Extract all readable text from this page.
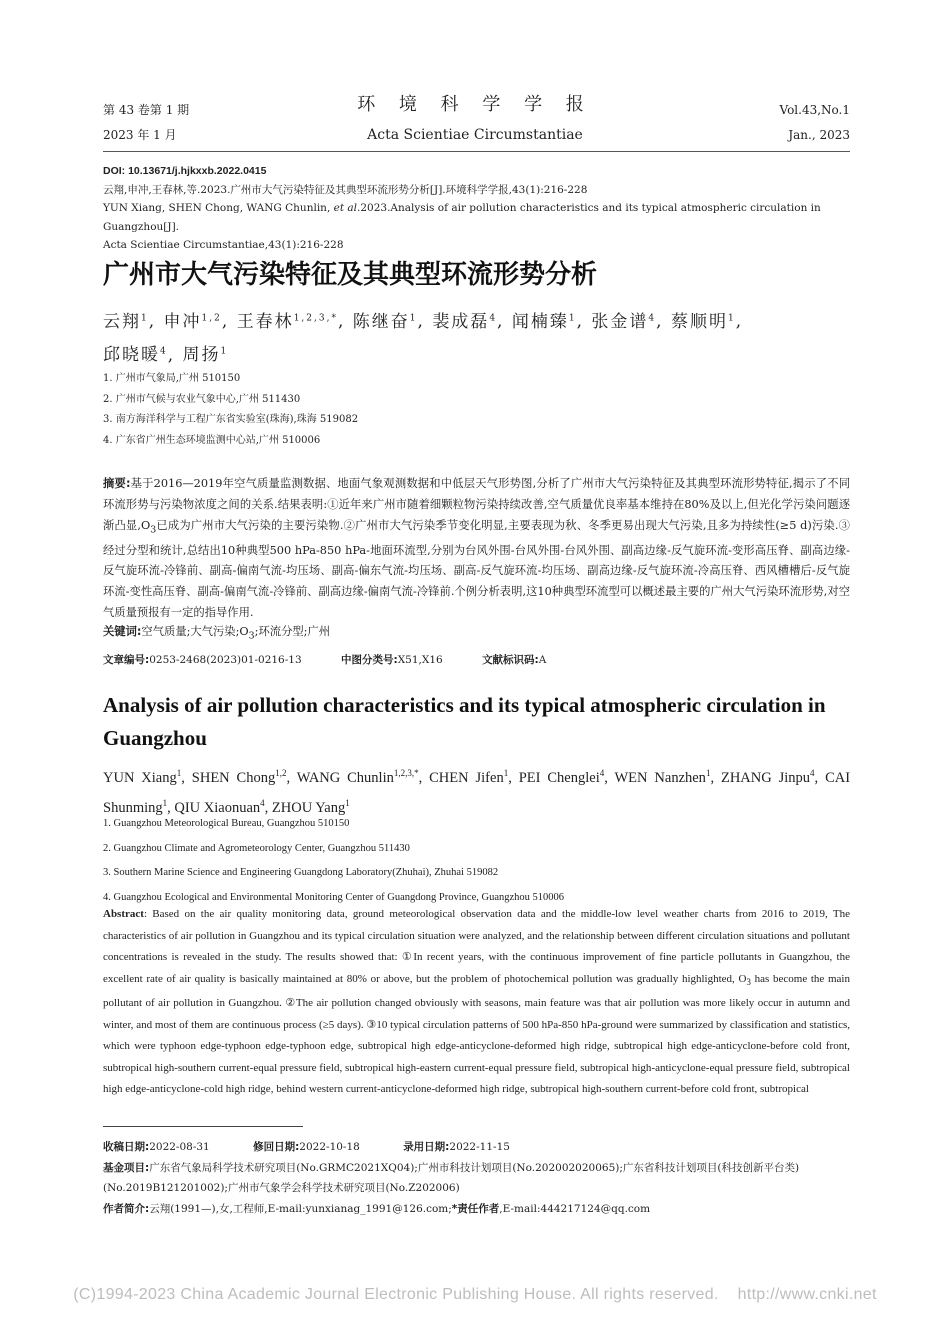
第 43 卷第 1 期
2023 年 1 月
环 境 科 学 学 报
Acta Scientiae Circumstantiae
Vol.43,No.1
Jan., 2023
DOI: 10.13671/j.hjkxxb.2022.0415
云翔,申冲,王春林,等.2023.广州市大气污染特征及其典型环流形势分析[J].环境科学学报,43(1):216-228
YUN Xiang, SHEN Chong, WANG Chunlin, et al.2023.Analysis of air pollution characteristics and its typical atmospheric circulation in Guangzhou[J].
Acta Scientiae Circumstantiae,43(1):216-228
广州市大气污染特征及其典型环流形势分析
云翔$^1$, 申冲$^{1,2}$, 王春林$^{1,2,3,*}$, 陈继奋$^1$, 裴成磊$^4$, 闻楠臻$^1$, 张金谱$^4$, 蔡顺明$^1$,
邱晓暖$^4$, 周扬$^1$
1. 广州市气象局,广州 510150
2. 广州市气候与农业气象中心,广州 511430
3. 南方海洋科学与工程广东省实验室(珠海),珠海 519082
4. 广东省广州生态环境监测中心站,广州 510006
摘要:基于2016—2019年空气质量监测数据、地面气象观测数据和中低层天气形势图,分析了广州市大气污染特征及其典型环流形势特征,揭示了不同环流形势与污染物浓度之间的关系.结果表明:①近年来广州市随着细颗粒物污染持续改善,空气质量优良率基本维持在80%及以上,但光化学污染问题逐渐凸显$,O_3$已成为广州市大气污染的主要污染物.②广州市大气污染季节变化明显,主要表现为秋、冬季更易出现大气污染,且多为持续性(≥5 d)污染.③经过分型和统计,总结出10种典型500 hPa-850 hPa-地面环流型,分别为台风外围-台风外围-台风外围、副高边缘-反气旋环流-变形高压脊、副高边缘-反气旋环流-冷锋前、副高-偏南气流-均压场、副高-偏东气流-均压场、副高-反气旋环流-均压场、副高边缘-反气旋环流-冷高压脊、西风槽槽后-反气旋环流-变性高压脊、副高-偏南气流-冷锋前、副高边缘-偏南气流-冷锋前.个例分析表明,这10种典型环流型可以概述最主要的广州大气污染环流形势,对空气质量预报有一定的指导作用.
关键词:空气质量;大气污染$;O_3$;环流分型;广州
文章编号:0253-2468(2023)01-0216-13	中图分类号:X51,X16	文献标识码:A
Analysis of air pollution characteristics and its typical atmospheric circulation in Guangzhou
YUN Xiang$^1$, SHEN Chong$^{1,2}$, WANG Chunlin$^{1,2,3,*}$, CHEN Jifen$^1$, PEI Chenglei$^4$, WEN Nanzhen$^1$, ZHANG Jinpu$^4$, CAI Shunming$^1$, QIU Xiaonuan$^4$, ZHOU Yang$^1$
1. Guangzhou Meteorological Bureau, Guangzhou 510150
2. Guangzhou Climate and Agrometeorology Center, Guangzhou 511430
3. Southern Marine Science and Engineering Guangdong Laboratory(Zhuhai), Zhuhai 519082
4. Guangzhou Ecological and Environmental Monitoring Center of Guangdong Province, Guangzhou 510006
Abstract: Based on the air quality monitoring data, ground meteorological observation data and the middle-low level weather charts from 2016 to 2019, The characteristics of air pollution in Guangzhou and its typical circulation situation were analyzed, and the relationship between different circulation situations and pollutant concentrations is revealed in the study. The results showed that: ①In recent years, with the continuous improvement of fine particle pollutants in Guangzhou, the excellent rate of air quality is basically maintained at 80% or above, but the problem of photochemical pollution was gradually highlighted, $O_3$ has become the main pollutant of air pollution in Guangzhou. ②The air pollution changed obviously with seasons, main feature was that air pollution was more likely occur in autumn and winter, and most of them are continuous process (≥5 days). ③10 typical circulation patterns of 500 hPa-850 hPa-ground were summarized by classification and statistics, which were typhoon edge-typhoon edge-typhoon edge, subtropical high edge-anticyclone-deformed high ridge, subtropical high edge-anticyclone-before cold front, subtropical high-southern current-equal pressure field, subtropical high-eastern current-equal pressure field, subtropical high-anticyclone-equal pressure field, subtropical high edge-anticyclone-cold high ridge, behind western current-anticyclone-deformed high ridge, subtropical high-southern current-before cold front, subtropical
收稿日期:2022-08-31	修回日期:2022-10-18	录用日期:2022-11-15
基金项目:广东省气象局科学技术研究项目(No.GRMC2021XQ04);广州市科技计划项目(No.202002020065);广东省科技计划项目(科技创新平台类)(No.2019B121201002);广州市气象学会科学技术研究项目(No.Z202006)
作者简介:云翔(1991—),女,工程师,E-mail:yunxianag_1991@126.com;*责任作者,E-mail:444217124@qq.com
(C)1994-2023 China Academic Journal Electronic Publishing House. All rights reserved.    http://www.cnki.net
